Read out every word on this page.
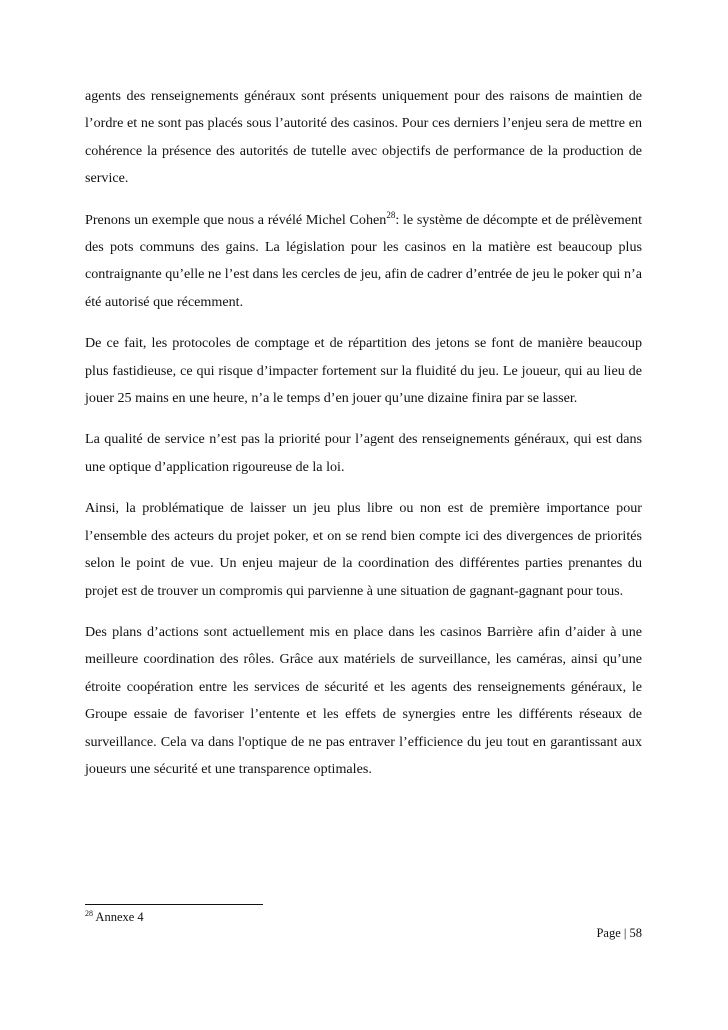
agents des renseignements généraux sont présents uniquement pour des raisons de maintien de l’ordre et ne sont pas placés sous l’autorité des casinos. Pour ces derniers l’enjeu sera de mettre en cohérence la présence des autorités de tutelle avec objectifs de performance de la production de service.

Prenons un exemple que nous a révélé Michel Cohen$^{28}$: le système de décompte et de prélèvement des pots communs des gains. La législation pour les casinos en la matière est beaucoup plus contraignante qu’elle ne l’est dans les cercles de jeu, afin de cadrer d’entrée de jeu le poker qui n’a été autorisé que récemment.

De ce fait, les protocoles de comptage et de répartition des jetons se font de manière beaucoup plus fastidieuse, ce qui risque d’impacter fortement sur la fluidité du jeu. Le joueur, qui au lieu de jouer 25 mains en une heure, n’a le temps d’en jouer qu’une dizaine finira par se lasser.

La qualité de service n’est pas la priorité pour l’agent des renseignements généraux, qui est dans une optique d’application rigoureuse de la loi.

Ainsi, la problématique de laisser un jeu plus libre ou non est de première importance pour l’ensemble des acteurs du projet poker, et on se rend bien compte ici des divergences de priorités selon le point de vue. Un enjeu majeur de la coordination des différentes parties prenantes du projet est de trouver un compromis qui parvienne à une situation de gagnant-gagnant pour tous.

Des plans d’actions sont actuellement mis en place dans les casinos Barrière afin d’aider à une meilleure coordination des rôles. Grâce aux matériels de surveillance, les caméras, ainsi qu’une étroite coopération entre les services de sécurité et les agents des renseignements généraux, le Groupe essaie de favoriser l’entente et les effets de synergies entre les différents réseaux de surveillance. Cela va dans l'optique de ne pas entraver l’efficience du jeu tout en garantissant aux joueurs une sécurité et une transparence optimales.

$^{28}$ Annexe 4
Page | 58
